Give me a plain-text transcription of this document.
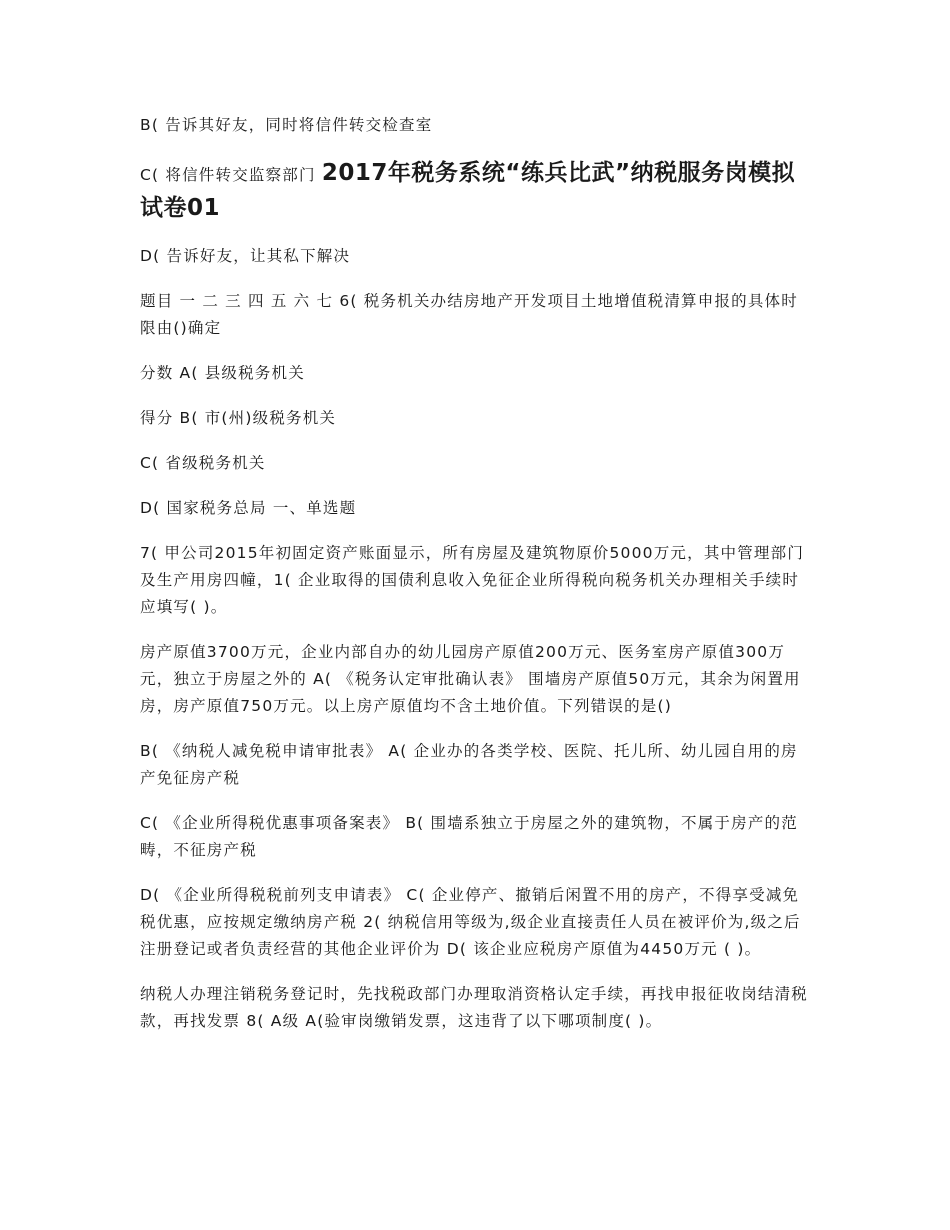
B( 告诉其好友，同时将信件转交检查室

C( 将信件转交监察部门 2017年税务系统“练兵比武”纳税服务岗模拟试卷01

D( 告诉好友，让其私下解决

题目 一 二 三 四 五 六 七 6( 税务机关办结房地产开发项目土地增值税清算申报的具体时限由()确定

分数 A( 县级税务机关

得分 B( 市(州)级税务机关

C( 省级税务机关

D( 国家税务总局 一、单选题

7( 甲公司2015年初固定资产账面显示，所有房屋及建筑物原价5000万元，其中管理部门及生产用房四幢，1( 企业取得的国债利息收入免征企业所得税向税务机关办理相关手续时应填写( )。

房产原值3700万元，企业内部自办的幼儿园房产原值200万元、医务室房产原值300万元，独立于房屋之外的 A( 《税务认定审批确认表》 围墙房产原值50万元，其余为闲置用房，房产原值750万元。以上房产原值均不含土地价值。下列错误的是()

B( 《纳税人减免税申请审批表》 A( 企业办的各类学校、医院、托儿所、幼儿园自用的房产免征房产税

C( 《企业所得税优惠事项备案表》 B( 围墙系独立于房屋之外的建筑物，不属于房产的范畴，不征房产税

D( 《企业所得税税前列支申请表》 C( 企业停产、撤销后闲置不用的房产，不得享受减免税优惠，应按规定缴纳房产税 2( 纳税信用等级为,级企业直接责任人员在被评价为,级之后注册登记或者负责经营的其他企业评价为 D( 该企业应税房产原值为4450万元 ( )。

纳税人办理注销税务登记时，先找税政部门办理取消资格认定手续，再找申报征收岗结清税款，再找发票 8( A级 A(验审岗缴销发票，这违背了以下哪项制度( )。
